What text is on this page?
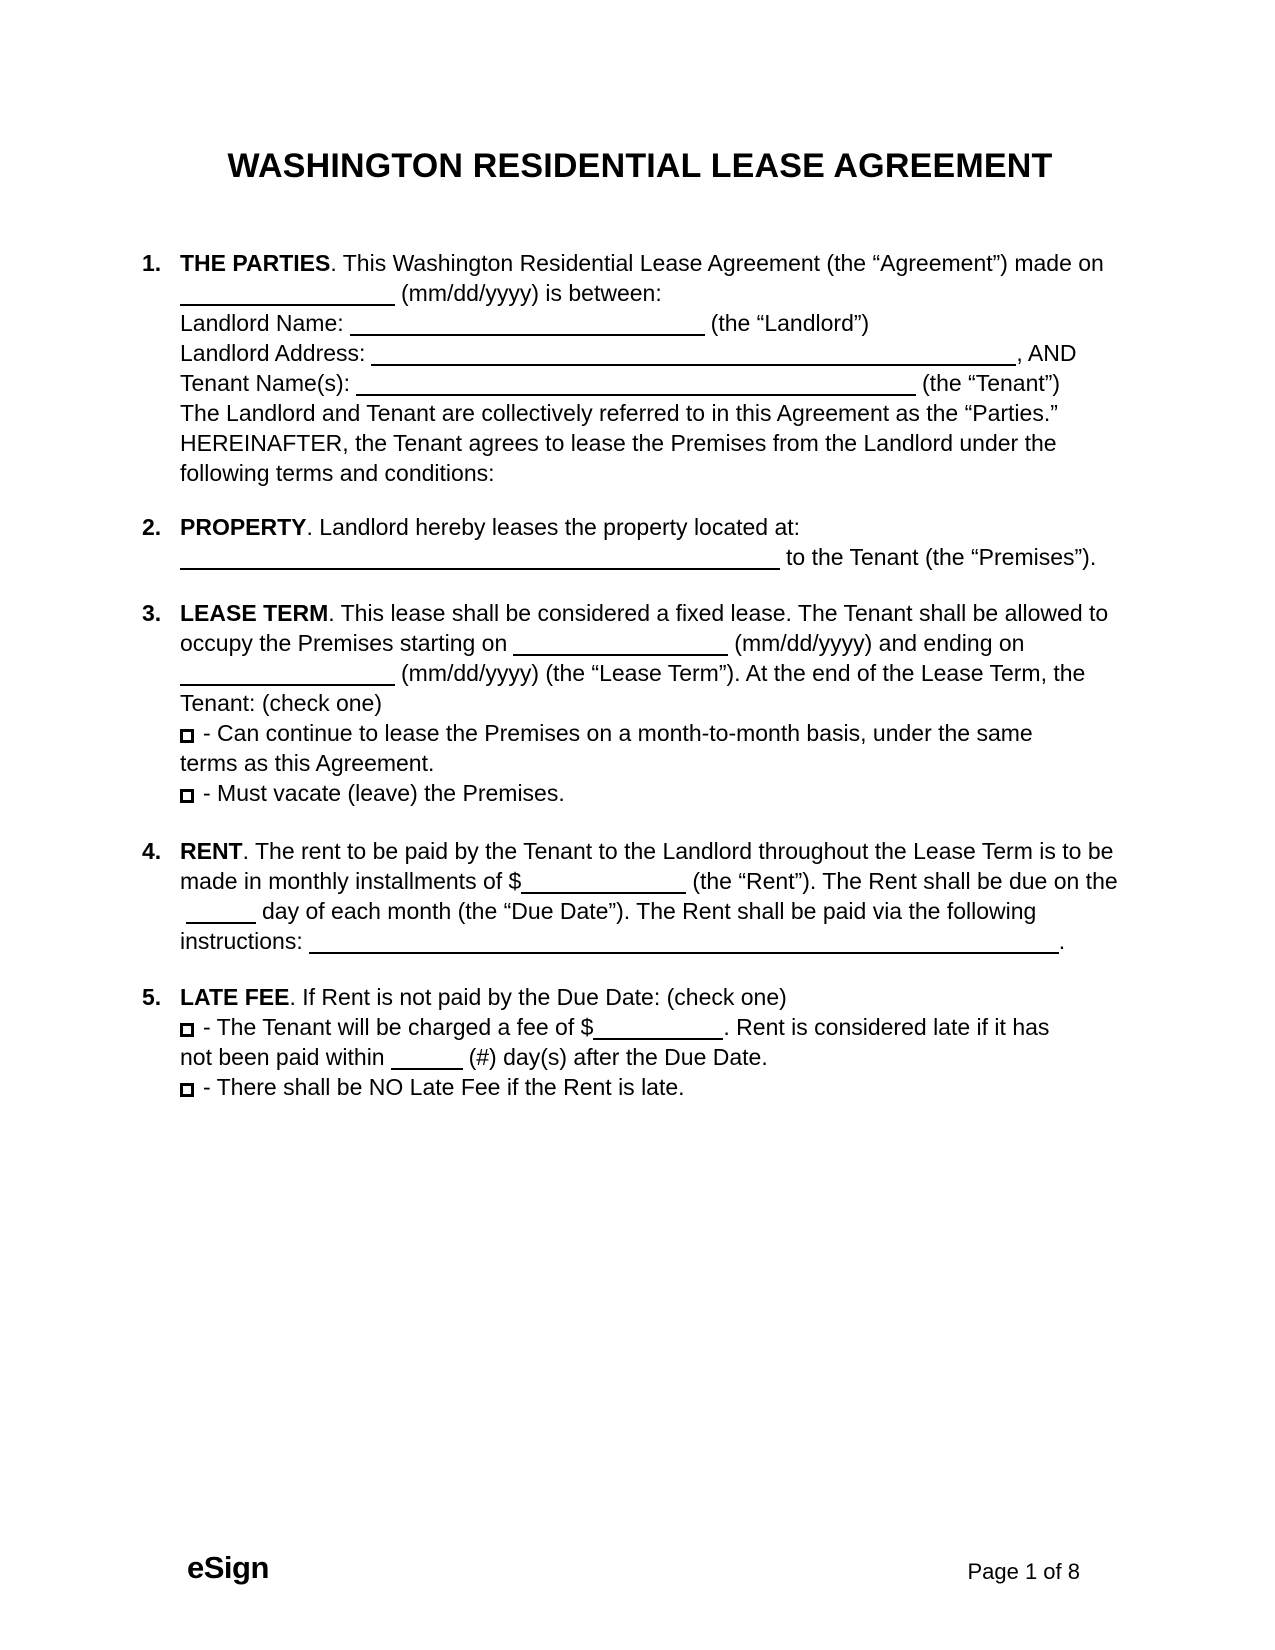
WASHINGTON RESIDENTIAL LEASE AGREEMENT
1. THE PARTIES. This Washington Residential Lease Agreement (the “Agreement”) made on(mm/dd/yyyy) is between:

Landlord Name:	(the “Landlord”)
Landlord Address:	, AND

Tenant Name(s):	(the “Tenant”)

The Landlord and Tenant are collectively referred to in this Agreement as the “Parties.”

HEREINAFTER, the Tenant agrees to lease the Premises from the Landlord under the following terms and conditions:

2. PROPERTY. Landlord hereby leases the property located at:to the Tenant (the “Premises”).

3. LEASE TERM. This lease shall be considered a fixed lease. The Tenant shall be allowed to occupy the Premises starting on	(mm/dd/yyyy) and ending on(mm/dd/yyyy) (the “Lease Term”). At the end of the Lease Term, the Tenant: (check one)

- Can continue to lease the Premises on a month-to-month basis, under the same terms as this Agreement.

- Must vacate (leave) the Premises.

4. RENT. The rent to be paid by the Tenant to the Landlord throughout the Lease Term is to be made in monthly installments of $	(the “Rent”). The Rent shall be due on theday of each month (the “Due Date”). The Rent shall be paid via the following instructions:	.

5. LATE FEE. If Rent is not paid by the Due Date: (check one)

- The Tenant will be charged a fee of $	. Rent is considered late if it has not been paid within	(#) day(s) after the Due Date.

- There shall be NO Late Fee if the Rent is late.

eSign	Page 1 of 8
